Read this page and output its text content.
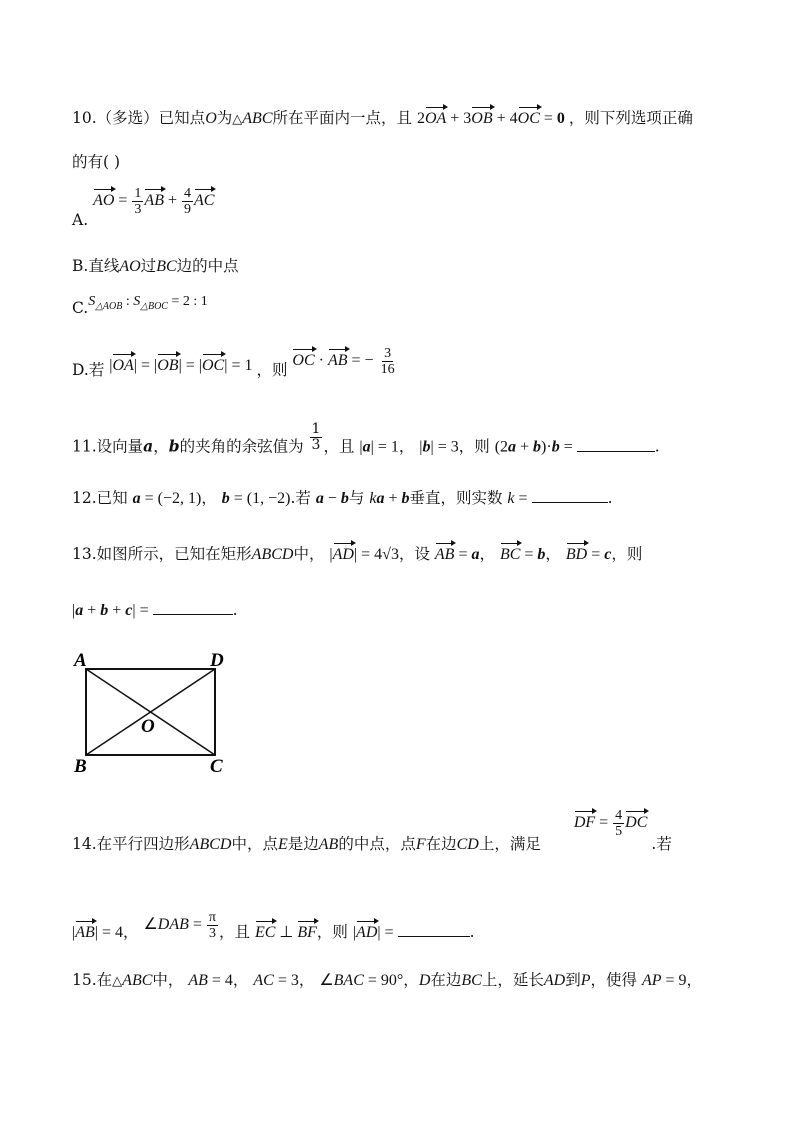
10.（多选）已知点O为△ABC所在平面内一点，且 2OA + 3OB + 4OC = 0 ，则下列选项正确
的有( )
A. AO = $\frac{1}{3}$ AB + $\frac{4}{9}$ AC
B.直线AO过BC边的中点
$C.S_{\triangle AOB}$ : $S_{\triangle BOC} = 2$ : 1
D.若 |OA| = |OB| = |OC| = 1 ，则 OC · AB = − $\frac{3}{16}$
11.设向量a，b的夹角的余弦值为 $\frac{1}{3}$ ，且 |a| = 1， |b| = 3，则 (2a + b)·b =	.
12.已知 a = (−2, 1)， b = (1, −2).若 a − b与 ka + b垂直，则实数 k =	.
13.如图所示，已知在矩形ABCD中， |AD| = 4√3，设 AB = a， BC = b， BD = c，则
|a + b + c| =	.
A	D
B	C
O
14.在平行四边形ABCD中，点E是边AB的中点，点F在边CD上，满足 DF = $\frac{4}{5}$ DC .若
|AB| = 4， ∠DAB = $\frac{\pi}{3}$ ，且 EC ⊥ BF，则 |AD| =	.
15.在△ABC中， AB = 4， AC = 3， ∠BAC = 90°，D在边BC上，延长AD到P，使得 AP = 9，
